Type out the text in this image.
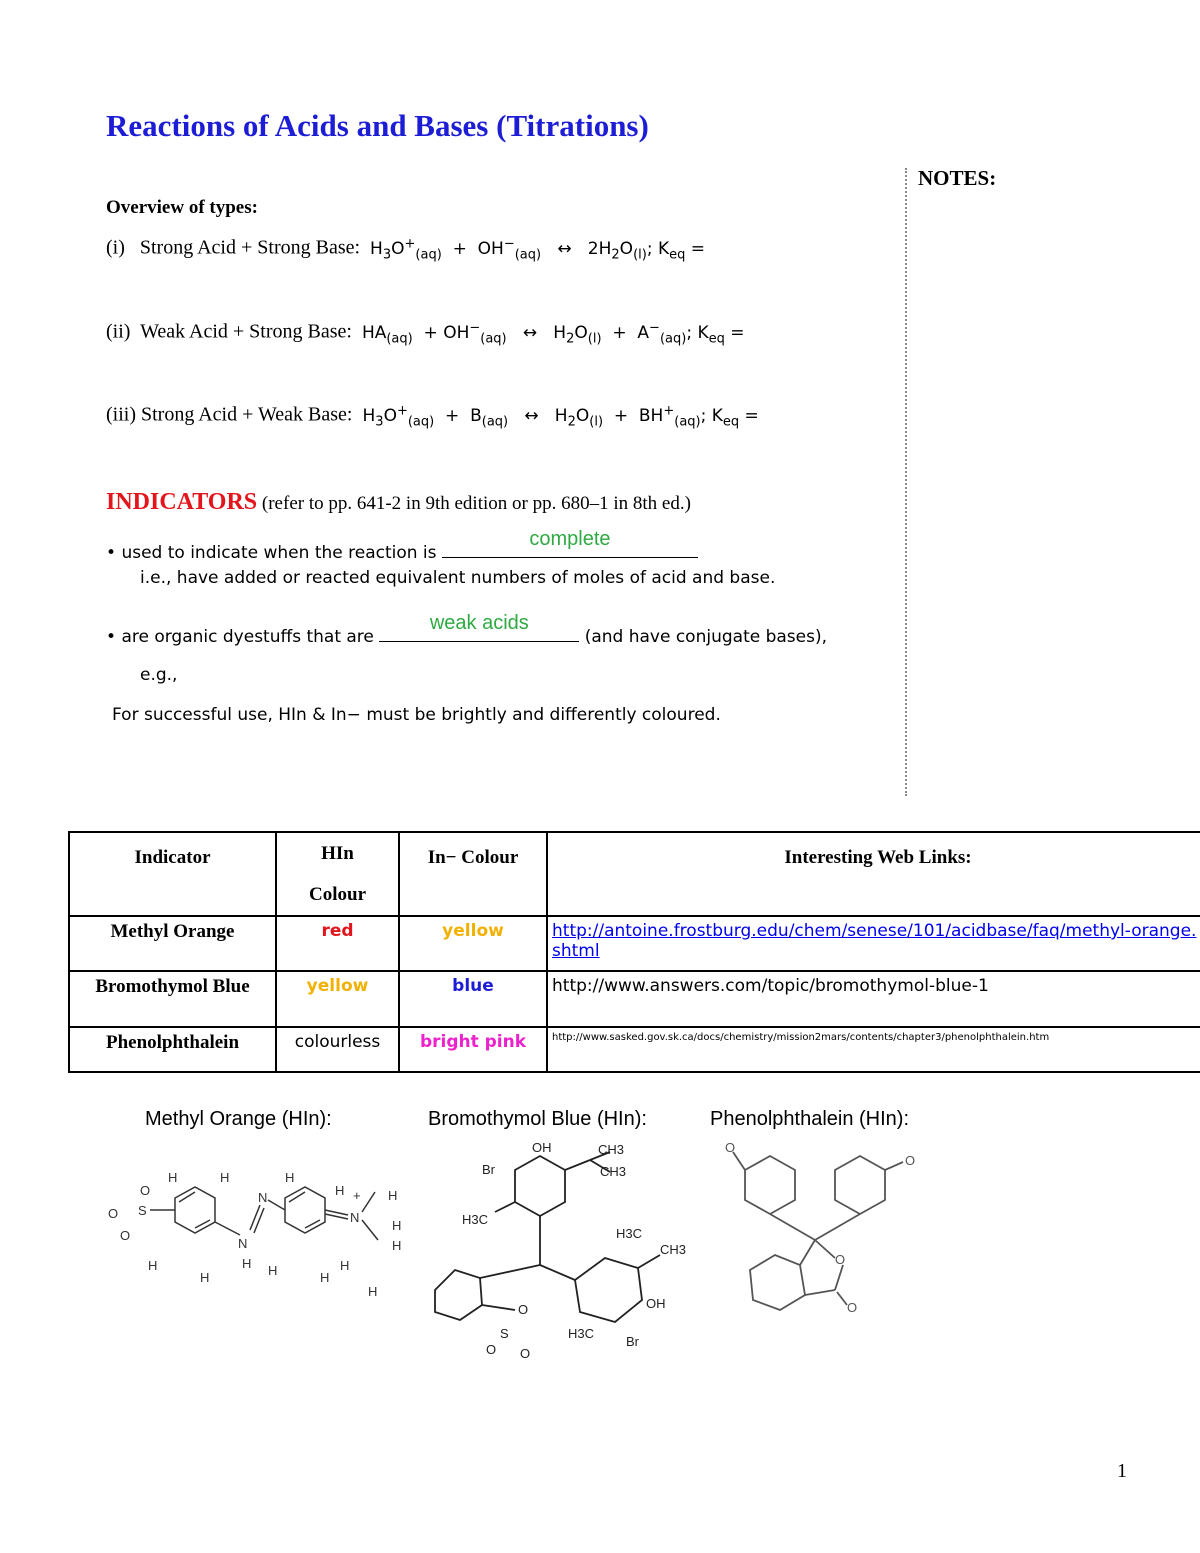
Reactions of Acids and Bases (Titrations)
NOTES:
Overview of types:
(i)   Strong Acid + Strong Base:  $H_3O^+_{(aq)} + OH^-_{(aq)}$   ↔   $2H_2O_{(l)}$; $K_{eq}$ =
(ii)  Weak Acid + Strong Base:  $HA_{(aq)} + OH^-_{(aq)}$   ↔   $H_2O_{(l)} + A^-_{(aq)}$; $K_{eq}$ =
(iii) Strong Acid + Weak Base:  $H_3O^+_{(aq)} + B_{(aq)}$   ↔   $H_2O_{(l)} + BH^+_{(aq)}$; $K_{eq}$ =
INDICATORS (refer to pp. 641-2 in 9th edition or pp. 680–1 in 8th ed.)
• used to indicate when the reaction is
complete
i.e., have added or reacted equivalent numbers of moles of acid and base.
• are organic dyestuffs that are
weak acids
(and have conjugate bases),
e.g.,
For successful use, HIn & In− must be brightly and differently coloured.
Indicator	HIn Colour	In− Colour	Interesting Web Links:
Methyl Orange	red	yellow	http://antoine.frostburg.edu/chem/senese/101/acidbase/faq/methyl-orange.shtml
Bromothymol Blue	yellow	blue	http://www.answers.com/topic/bromothymol-blue-1
Phenolphthalein	colourless	bright pink	http://www.sasked.gov.sk.ca/docs/chemistry/mission2mars/contents/chapter3/phenolphthalein.htm
Methyl Orange (HIn):	Bromothymol Blue (HIn):	Phenolphthalein (HIn):
S
O
O
O
H	H
H
H
N
H
N
H
H
H	H
N
+ H
H
H
H
H
OH
Br
CH3
CH3
H3C
H3C
CH3
OH
Br
H3C
O
S
O O
O
O
O
O
1
